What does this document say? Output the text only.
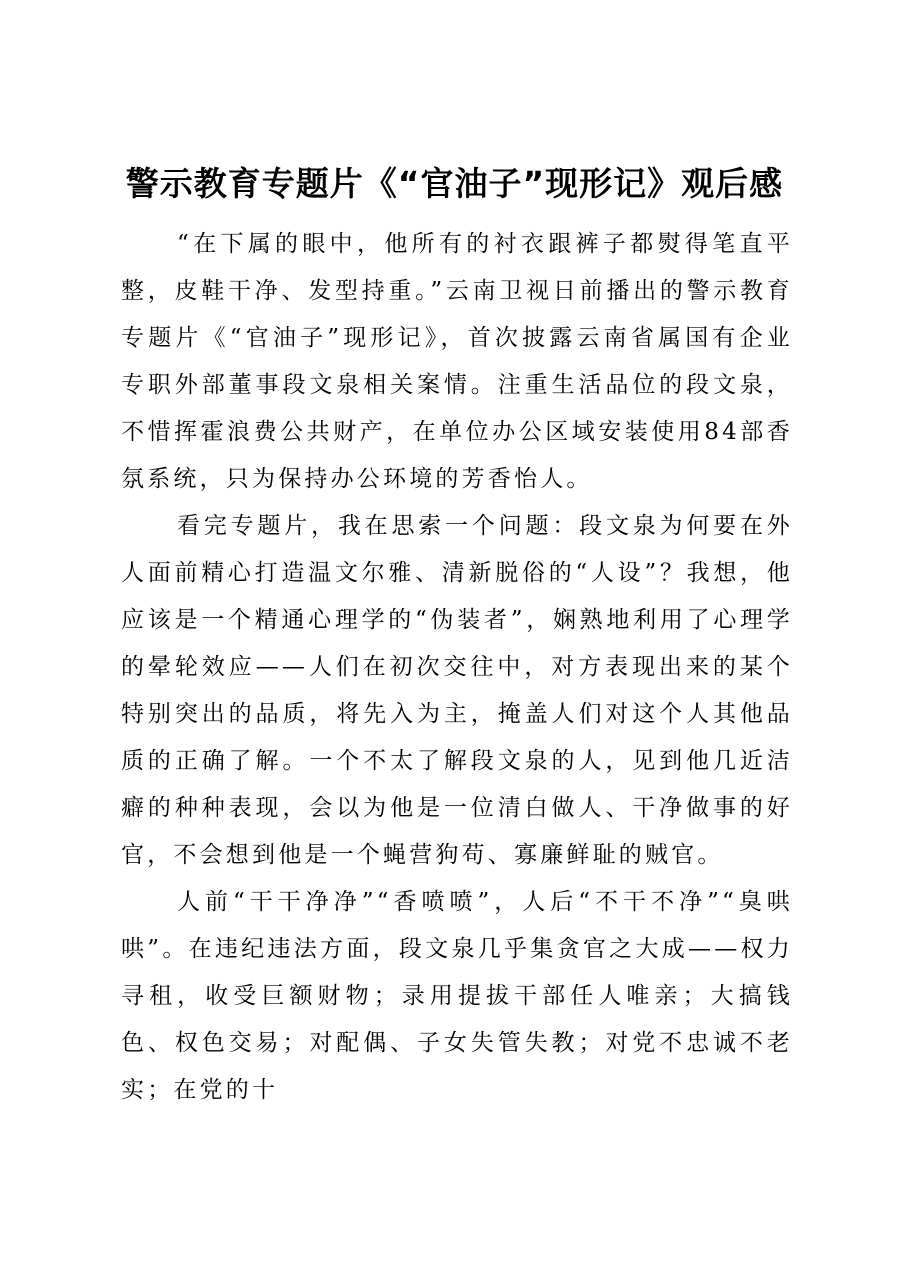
警示教育专题片《“官油子”现形记》观后感

“在下属的眼中，他所有的衬衣跟裤子都熨得笔直平整，皮鞋干净、发型持重。”云南卫视日前播出的警示教育专题片《“官油子”现形记》，首次披露云南省属国有企业专职外部董事段文泉相关案情。注重生活品位的段文泉，不惜挥霍浪费公共财产，在单位办公区域安装使用84部香氛系统，只为保持办公环境的芳香怡人。

看完专题片，我在思索一个问题：段文泉为何要在外人面前精心打造温文尔雅、清新脱俗的“人设”？我想，他应该是一个精通心理学的“伪装者”，娴熟地利用了心理学的晕轮效应——人们在初次交往中，对方表现出来的某个特别突出的品质，将先入为主，掩盖人们对这个人其他品质的正确了解。一个不太了解段文泉的人，见到他几近洁癖的种种表现，会以为他是一位清白做人、干净做事的好官，不会想到他是一个蝇营狗苟、寡廉鲜耻的贼官。

人前“干干净净”“香喷喷”，人后“不干不净”“臭哄哄”。在违纪违法方面，段文泉几乎集贪官之大成——权力寻租，收受巨额财物；录用提拔干部任人唯亲；大搞钱色、权色交易；对配偶、子女失管失教；对党不忠诚不老实；在党的十
